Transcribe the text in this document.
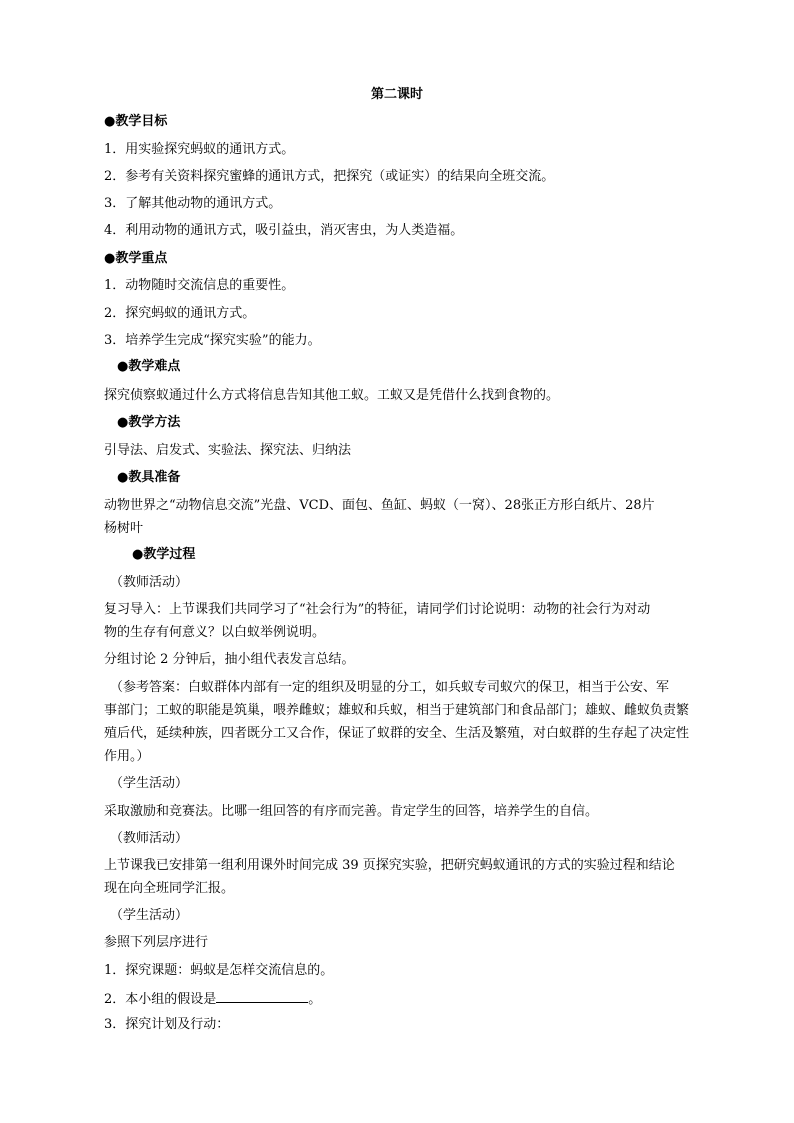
第二课时
●教学目标
1．用实验探究蚂蚁的通讯方式。
2．参考有关资料探究蜜蜂的通讯方式，把探究（或证实）的结果向全班交流。
3．了解其他动物的通讯方式。
4．利用动物的通讯方式，吸引益虫，消灭害虫，为人类造福。
●教学重点
1．动物随时交流信息的重要性。
2．探究蚂蚁的通讯方式。
3．培养学生完成“探究实验”的能力。
●教学难点
探究侦察蚁通过什么方式将信息告知其他工蚁。工蚁又是凭借什么找到食物的。
●教学方法
引导法、启发式、实验法、探究法、归纳法
●教具准备
动物世界之“动物信息交流”光盘、VCD、面包、鱼缸、蚂蚁（一窝）、28张正方形白纸片、28片
杨树叶
●教学过程
（教师活动）
复习导入：上节课我们共同学习了“社会行为”的特征，请同学们讨论说明：动物的社会行为对动
物的生存有何意义？以白蚁举例说明。
分组讨论 2 分钟后，抽小组代表发言总结。
（参考答案：白蚁群体内部有一定的组织及明显的分工，如兵蚁专司蚁穴的保卫，相当于公安、军
事部门；工蚁的职能是筑巢，喂养雌蚁；雄蚁和兵蚁，相当于建筑部门和食品部门；雄蚁、雌蚁负责繁
殖后代，延续种族，四者既分工又合作，保证了蚁群的安全、生活及繁殖，对白蚁群的生存起了决定性
作用。）
（学生活动）
采取激励和竞赛法。比哪一组回答的有序而完善。肯定学生的回答，培养学生的自信。
（教师活动）
上节课我已安排第一组利用课外时间完成 39 页探究实验，把研究蚂蚁通讯的方式的实验过程和结论
现在向全班同学汇报。
（学生活动）
参照下列层序进行
1．探究课题：蚂蚁是怎样交流信息的。
2．本小组的假设是	。
3．探究计划及行动：
